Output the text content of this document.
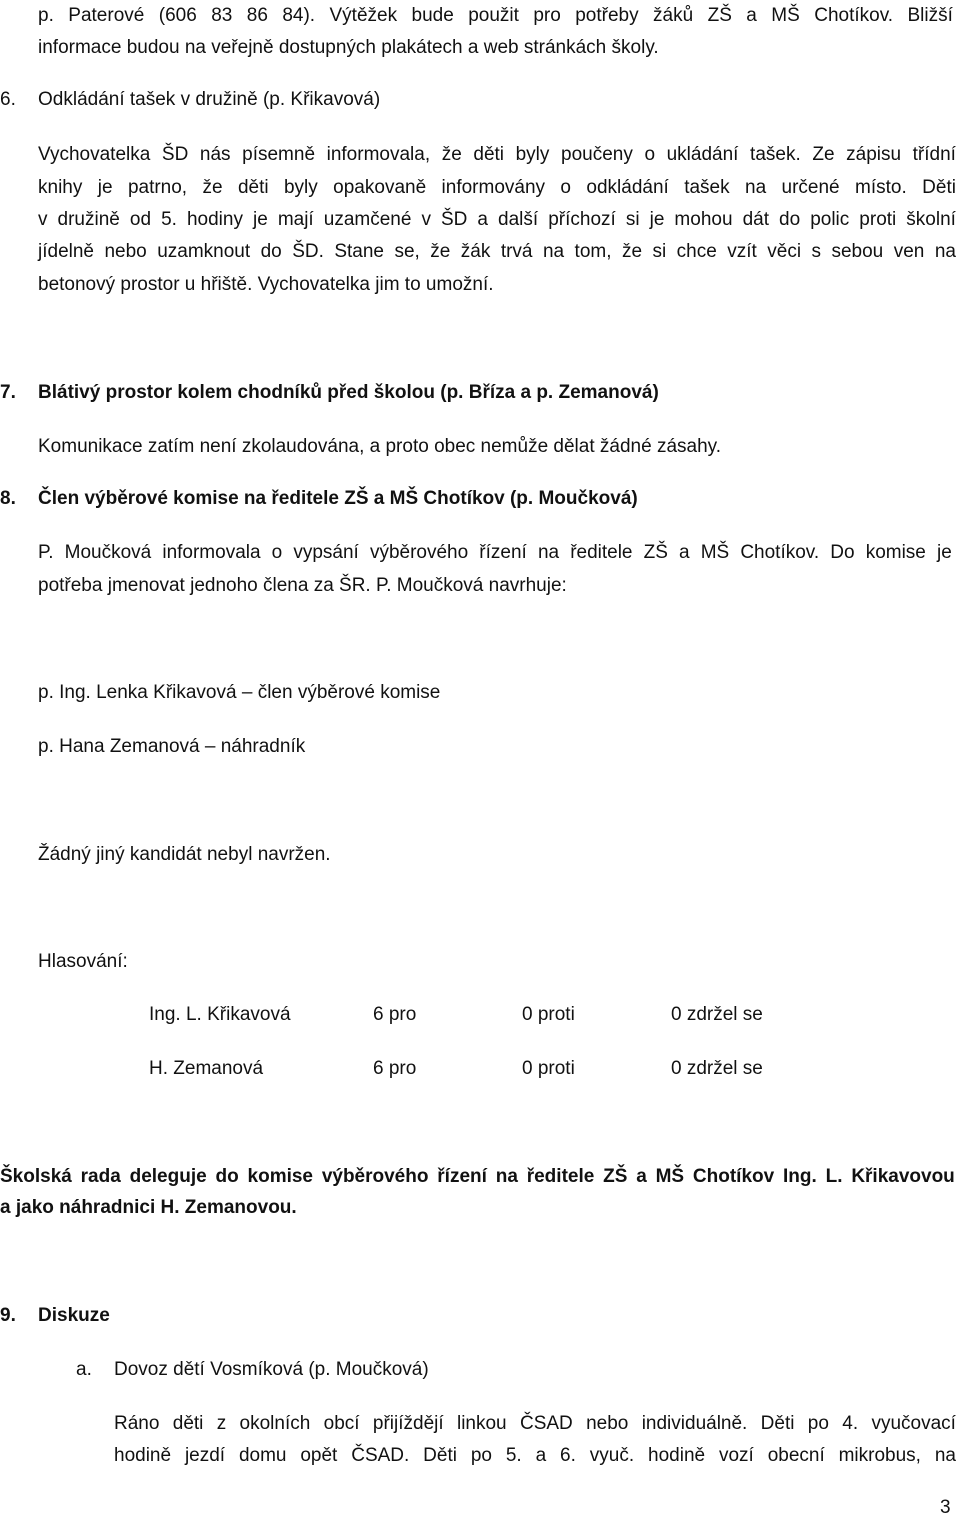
p. Paterové (606 83 86 84). Výtěžek bude použit pro potřeby žáků ZŠ a MŠ Chotíkov. Bližší
informace budou na veřejně dostupných plakátech a web stránkách školy.
6. Odkládání tašek v družině (p. Křikavová)
Vychovatelka ŠD nás písemně informovala, že děti byly poučeny o ukládání tašek. Ze zápisu třídní
knihy je patrno, že děti byly opakovaně informovány o odkládání tašek na určené místo. Děti
v družině od 5. hodiny je mají uzamčené v ŠD a další příchozí si je mohou dát do polic proti školní
jídelně nebo uzamknout do ŠD. Stane se, že žák trvá na tom, že si chce vzít věci s sebou ven na
betonový prostor u hřiště. Vychovatelka jim to umožní.
7. Blátivý prostor kolem chodníků před školou (p. Bříza a p. Zemanová)
Komunikace zatím není zkolaudována, a proto obec nemůže dělat žádné zásahy.
8. Člen výběrové komise na ředitele ZŠ a MŠ Chotíkov (p. Moučková)
P. Moučková informovala o vypsání výběrového řízení na ředitele ZŠ a MŠ Chotíkov. Do komise je
potřeba jmenovat jednoho člena za ŠR. P. Moučková navrhuje:
p. Ing. Lenka Křikavová – člen výběrové komise
p. Hana Zemanová – náhradník
Žádný jiný kandidát nebyl navržen.
Hlasování:
Ing. L. Křikavová	6 pro	0 proti	0 zdržel se
H. Zemanová	6 pro	0 proti	0 zdržel se
Školská rada deleguje do komise výběrového řízení na ředitele ZŠ a MŠ Chotíkov Ing. L. Křikavovou
a jako náhradnici H. Zemanovou.
9. Diskuze
a. Dovoz dětí Vosmíková (p. Moučková)
Ráno děti z okolních obcí přijíždějí linkou ČSAD nebo individuálně. Děti po 4. vyučovací
hodině jezdí domu opět ČSAD. Děti po 5. a 6. vyuč. hodině vozí obecní mikrobus, na
3
